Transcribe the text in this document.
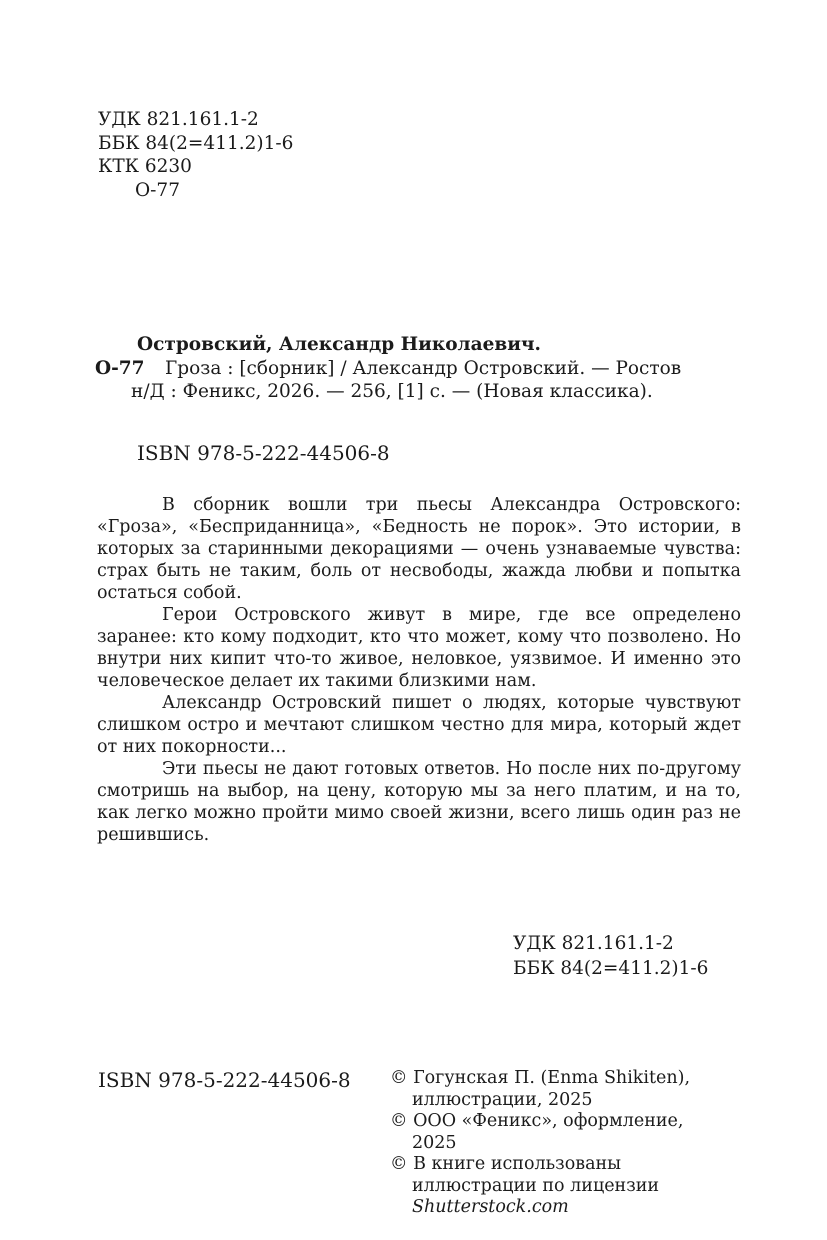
УДК 821.161.1-2
ББК 84(2=411.2)1-6
КТК 6230
О-77
Островский, Александр Николаевич.
О-77 Гроза : [сборник] / Александр Островский. — Ростов
н/Д : Феникс, 2026. — 256, [1] с. — (Новая классика).
ISBN 978-5-222-44506-8

В сборник вошли три пьесы Александра Островского: «Гроза», «Бесприданница», «Бедность не порок». Это истории, в которых за старинными декорациями — очень узнаваемые чувства: страх быть не таким, боль от несвободы, жажда любви и попытка остаться собой.

Герои Островского живут в мире, где все определено заранее: кто кому подходит, кто что может, кому что позволено. Но внутри них кипит что-то живое, неловкое, уязвимое. И именно это человеческое делает их такими близкими нам.

Александр Островский пишет о людях, которые чувствуют слишком остро и мечтают слишком честно для мира, который ждет от них покорности...

Эти пьесы не дают готовых ответов. Но после них по-другому смотришь на выбор, на цену, которую мы за него платим, и на то, как легко можно пройти мимо своей жизни, всего лишь один раз не решившись.

УДК 821.161.1-2
ББК 84(2=411.2)1-6
ISBN 978-5-222-44506-8 © Гогунская П. (Enma Shikiten), иллюстрации, 2025
© ООО «Феникс», оформление, 2025
© В книге использованы иллюстрации по лицензии Shutterstock.com
